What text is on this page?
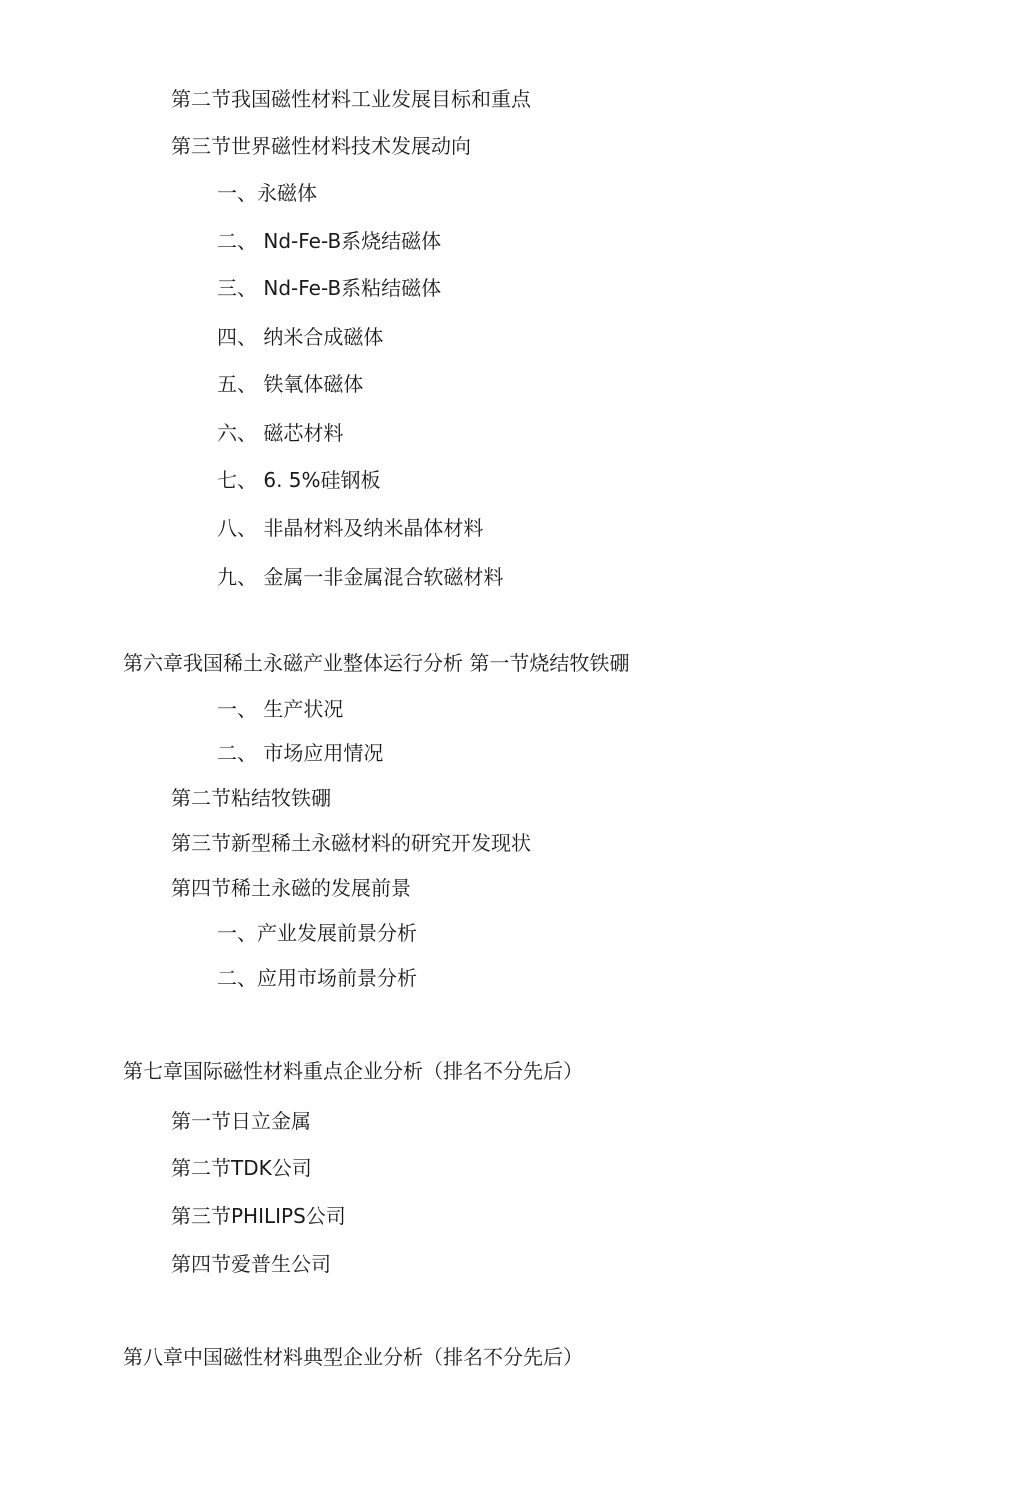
第二节我国磁性材料工业发展目标和重点
第三节世界磁性材料技术发展动向
一、永磁体
二、 Nd-Fe-B系烧结磁体
三、 Nd-Fe-B系粘结磁体
四、 纳米合成磁体
五、 铁氧体磁体
六、 磁芯材料
七、 6. 5%硅钢板
八、 非晶材料及纳米晶体材料
九、 金属一非金属混合软磁材料
第六章我国稀土永磁产业整体运行分析 第一节烧结牧铁硼
一、 生产状况
二、 市场应用情况
第二节粘结牧铁硼
第三节新型稀土永磁材料的研究开发现状
第四节稀土永磁的发展前景
一、产业发展前景分析
二、应用市场前景分析
第七章国际磁性材料重点企业分析（排名不分先后）
第一节日立金属
第二节TDK公司
第三节PHILIPS公司
第四节爱普生公司
第八章中国磁性材料典型企业分析（排名不分先后）
